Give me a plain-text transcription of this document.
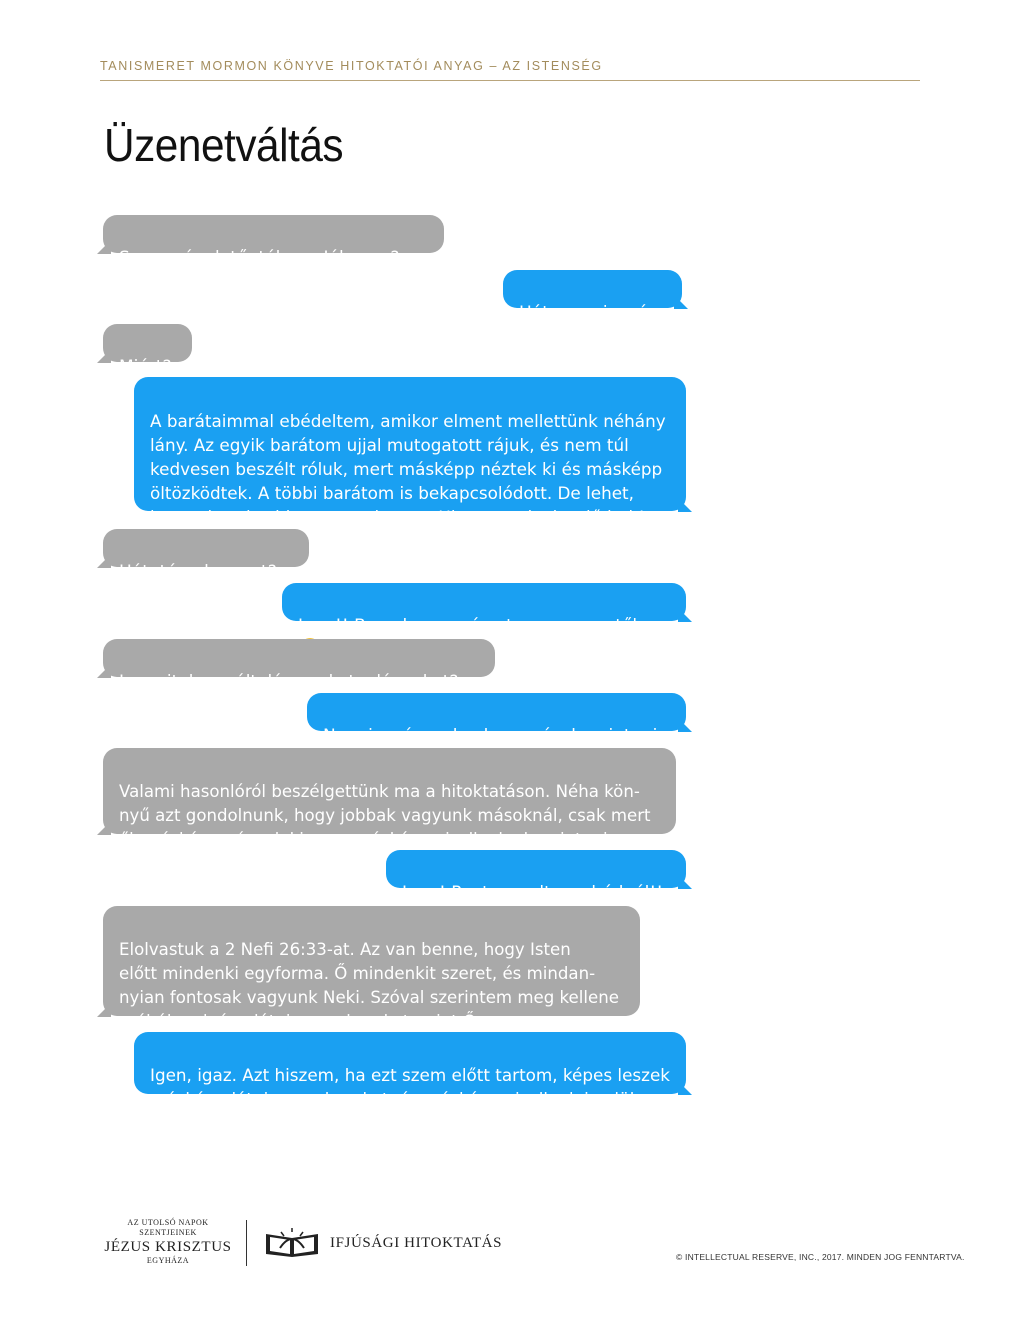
TANISMERET MORMON KÖNYVE HITOKTATÓI ANYAG – AZ ISTENSÉG
Üzenetváltás

Szomorúnak tűntél ma. Jól vagy?

Hát, nem igazán.

Miért?

A barátaimmal ebédeltem, amikor elment mellettünk néhány
lány. Az egyik barátom ujjal mutogatott rájuk, és nem túl
kedvesen beszélt róluk, mert másképp néztek ki és másképp
öltözködtek. A többi barátom is bekapcsolódott. De lehet,
hogy nincs is ebben semmi rossz. Hiszen csak viccelődtek!

Hát, téged zavart?

Igen!! Borzalmasan éreztem magam tőle.

Ismeritek egyáltalán azokat a lányokat?

Nem igazán… de olyan mások, mint mi.

Valami hasonlóról beszélgettünk ma a hitoktatáson. Néha kön-
nyű azt gondolnunk, hogy jobbak vagyunk másoknál, csak mert
ők másképp néznek ki vagy másképp viselkednek, mint mi.

Igen! Pont ez volt az ebédnél!!

Elolvastuk a 2 Nefi 26:33-at. Az van benne, hogy Isten
előtt mindenki egyforma. Ő mindenkit szeret, és mindan-
nyian fontosak vagyunk Neki. Szóval szerintem meg kellene
próbálnunk úgy látni az embereket, mint Ő.

Igen, igaz. Azt hiszem, ha ezt szem előtt tartom, képes leszek
másképp látni az embereket, és másképp viselkedni velük.

AZ UTOLSÓ NAPOK
SZENTJEINEK
JÉZUS KRISZTUS
EGYHÁZA
IFJÚSÁGI HITOKTATÁS
© INTELLECTUAL RESERVE, INC., 2017. MINDEN JOG FENNTARTVA.
